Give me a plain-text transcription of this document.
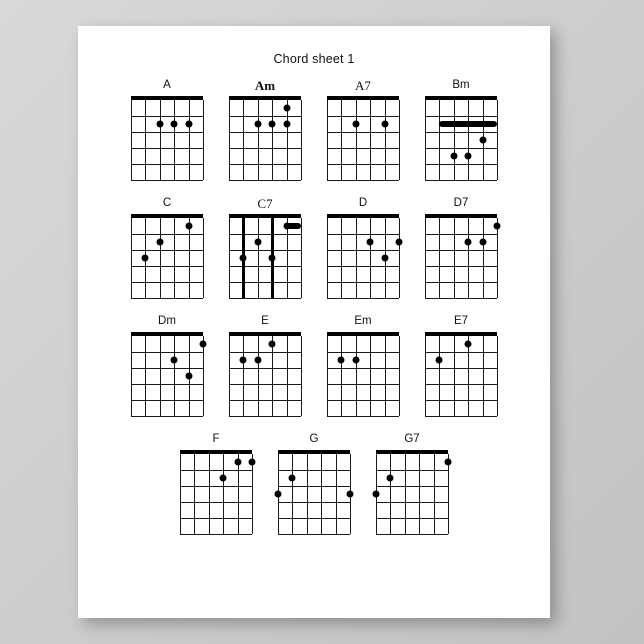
Chord sheet 1
A	Am	A7	Bm
C	C7	D	D7
Dm	E	Em	E7
F	G	G7
